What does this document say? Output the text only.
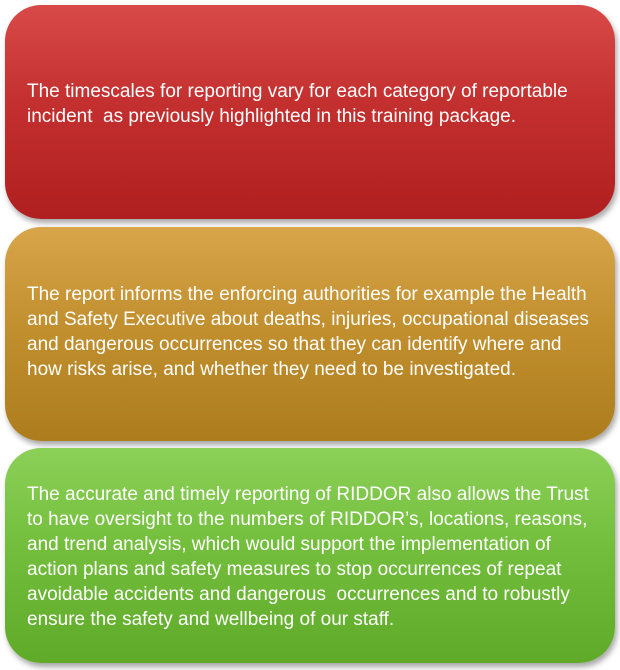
The timescales for reporting vary for each category of reportable incident  as previously highlighted in this training package.
The report informs the enforcing authorities for example the Health and Safety Executive about deaths, injuries, occupational diseases and dangerous occurrences so that they can identify where and how risks arise, and whether they need to be investigated.
The accurate and timely reporting of RIDDOR also allows the Trust to have oversight to the numbers of RIDDOR’s, locations, reasons, and trend analysis, which would support the implementation of action plans and safety measures to stop occurrences of repeat avoidable accidents and dangerous  occurrences and to robustly ensure the safety and wellbeing of our staff.
